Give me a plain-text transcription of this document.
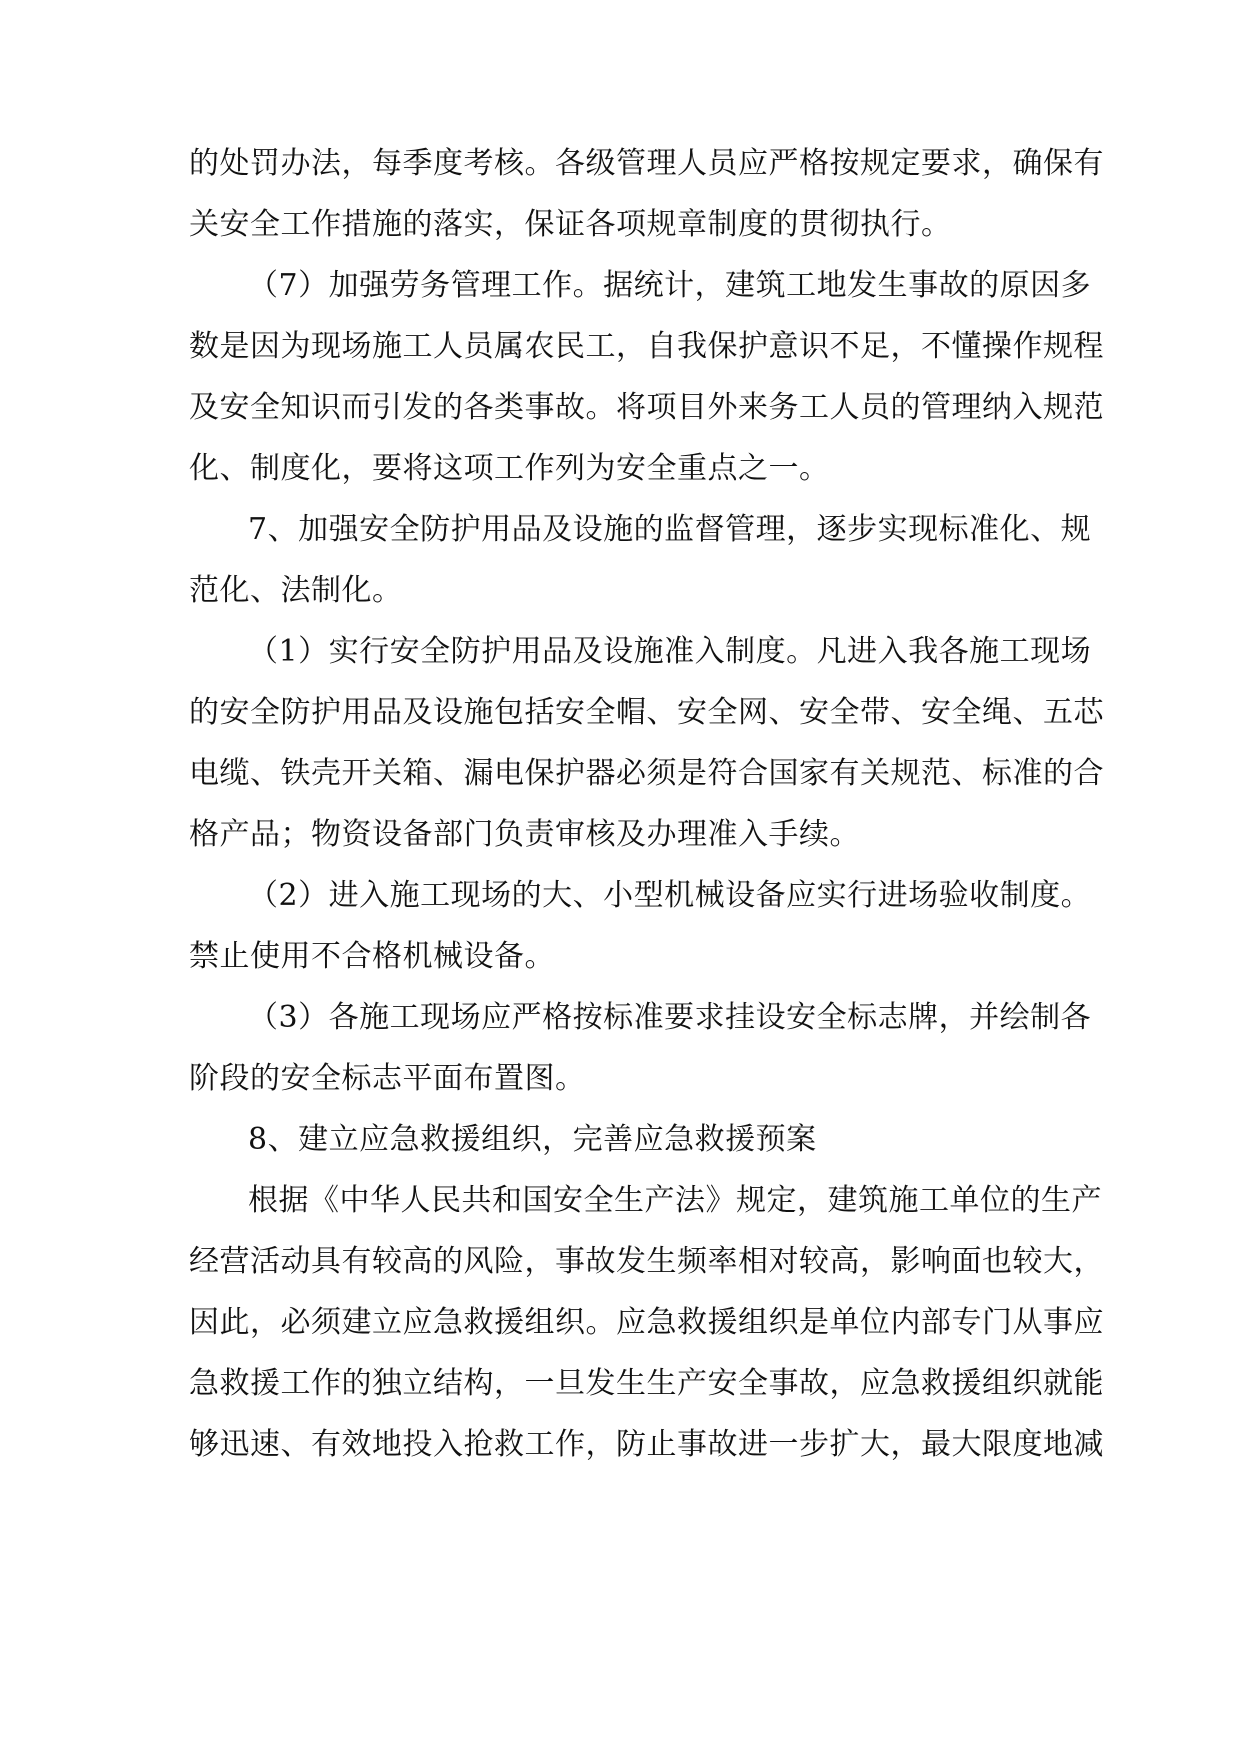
的处罚办法，每季度考核。各级管理人员应严格按规定要求，确保有
关安全工作措施的落实，保证各项规章制度的贯彻执行。
（7）加强劳务管理工作。据统计，建筑工地发生事故的原因多
数是因为现场施工人员属农民工，自我保护意识不足，不懂操作规程
及安全知识而引发的各类事故。将项目外来务工人员的管理纳入规范
化、制度化，要将这项工作列为安全重点之一。
7、加强安全防护用品及设施的监督管理，逐步实现标准化、规
范化、法制化。
（1）实行安全防护用品及设施准入制度。凡进入我各施工现场
的安全防护用品及设施包括安全帽、安全网、安全带、安全绳、五芯
电缆、铁壳开关箱、漏电保护器必须是符合国家有关规范、标准的合
格产品；物资设备部门负责审核及办理准入手续。
（2）进入施工现场的大、小型机械设备应实行进场验收制度。
禁止使用不合格机械设备。
（3）各施工现场应严格按标准要求挂设安全标志牌，并绘制各
阶段的安全标志平面布置图。
8、建立应急救援组织，完善应急救援预案
根据《中华人民共和国安全生产法》规定，建筑施工单位的生产
经营活动具有较高的风险，事故发生频率相对较高，影响面也较大，
因此，必须建立应急救援组织。应急救援组织是单位内部专门从事应
急救援工作的独立结构，一旦发生生产安全事故，应急救援组织就能
够迅速、有效地投入抢救工作，防止事故进一步扩大，最大限度地减
